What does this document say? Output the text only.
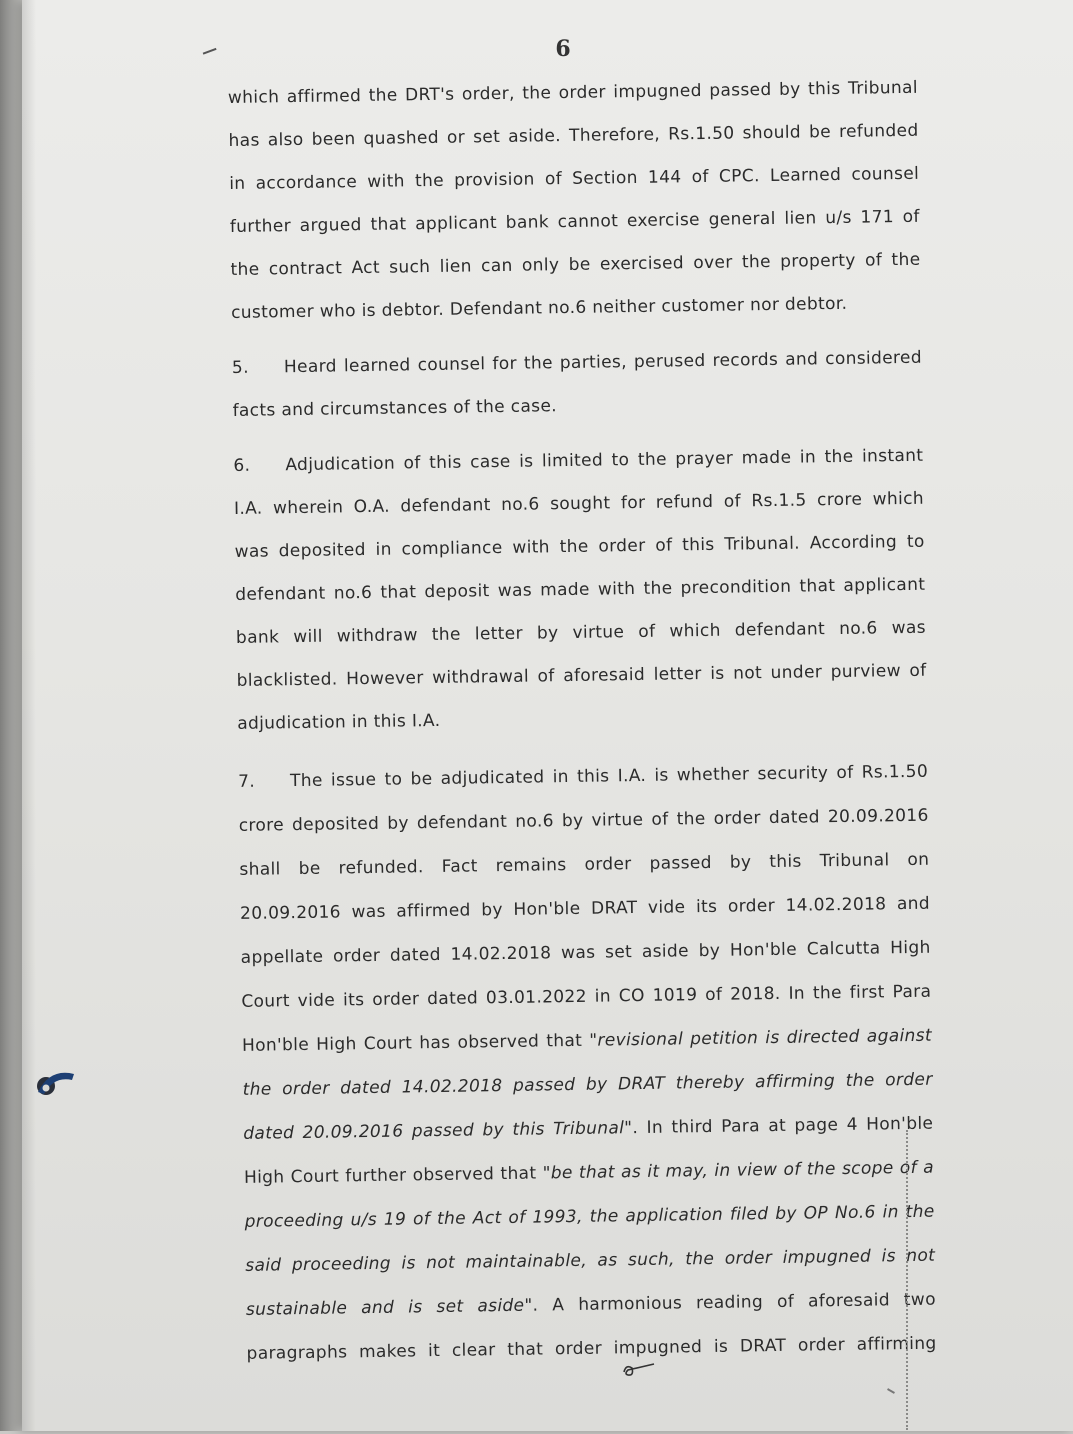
6
which affirmed the DRT's order, the order impugned passed by this Tribunal
has also been quashed or set aside. Therefore, Rs.1.50 should be refunded
in accordance with the provision of Section 144 of CPC. Learned counsel
further argued that applicant bank cannot exercise general lien u/s 171 of
the contract Act such lien can only be exercised over the property of the
customer who is debtor. Defendant no.6 neither customer nor debtor.
5. Heard learned counsel for the parties, perused records and considered
facts and circumstances of the case.
6. Adjudication of this case is limited to the prayer made in the instant
I.A. wherein O.A. defendant no.6 sought for refund of Rs.1.5 crore which
was deposited in compliance with the order of this Tribunal. According to
defendant no.6 that deposit was made with the precondition that applicant
bank will withdraw the letter by virtue of which defendant no.6 was
blacklisted. However withdrawal of aforesaid letter is not under purview of
adjudication in this I.A.
7. The issue to be adjudicated in this I.A. is whether security of Rs.1.50
crore deposited by defendant no.6 by virtue of the order dated 20.09.2016
shall be refunded. Fact remains order passed by this Tribunal on
20.09.2016 was affirmed by Hon'ble DRAT vide its order 14.02.2018 and
appellate order dated 14.02.2018 was set aside by Hon'ble Calcutta High
Court vide its order dated 03.01.2022 in CO 1019 of 2018. In the first Para
Hon'ble High Court has observed that "revisional petition is directed against
the order dated 14.02.2018 passed by DRAT thereby affirming the order
dated 20.09.2016 passed by this Tribunal". In third Para at page 4 Hon'ble
High Court further observed that "be that as it may, in view of the scope of a
proceeding u/s 19 of the Act of 1993, the application filed by OP No.6 in the
said proceeding is not maintainable, as such, the order impugned is not
sustainable and is set aside". A harmonious reading of aforesaid two
paragraphs makes it clear that order impugned is DRAT order affirming
